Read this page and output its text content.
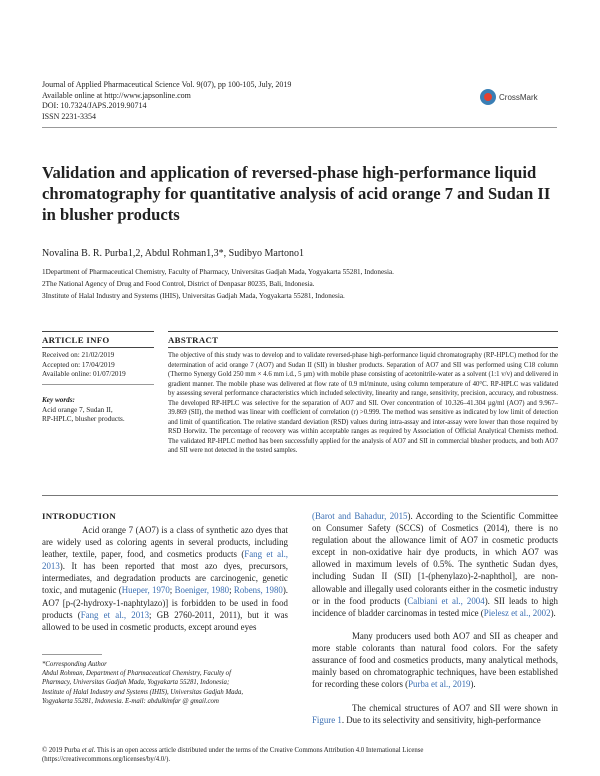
Journal of Applied Pharmaceutical Science Vol. 9(07), pp 100-105, July, 2019
Available online at http://www.japsonline.com
DOI: 10.7324/JAPS.2019.90714
ISSN 2231-3354
CrossMark
Validation and application of reversed-phase high-performance liquid chromatography for quantitative analysis of acid orange 7 and Sudan II in blusher products
Novalina B. R. Purba1,2, Abdul Rohman1,3*, Sudibyo Martono1
1Department of Pharmaceutical Chemistry, Faculty of Pharmacy, Universitas Gadjah Mada, Yogyakarta 55281, Indonesia.
2The National Agency of Drug and Food Control, District of Denpasar 80235, Bali, Indonesia.
3Institute of Halal Industry and Systems (IHIS), Universitas Gadjah Mada, Yogyakarta 55281, Indonesia.
ARTICLE INFO
Received on: 21/02/2019
Accepted on: 17/04/2019
Available online: 01/07/2019
Key words:
Acid orange 7, Sudan II,
RP-HPLC, blusher products.
ABSTRACT
The objective of this study was to develop and to validate reversed-phase high-performance liquid chromatography (RP-HPLC) method for the determination of acid orange 7 (AO7) and Sudan II (SII) in blusher products. Separation of AO7 and SII was performed using C18 column (Thermo Synergy Gold 250 mm × 4.6 mm i.d., 5 µm) with mobile phase consisting of acetonitrile-water as a solvent (1:1 v/v) and delivered in gradient manner. The mobile phase was delivered at flow rate of 0.9 ml/minute, using column temperature of 40°C. RP-HPLC was validated by assessing several performance characteristics which included selectivity, linearity and range, sensitivity, precision, accuracy, and robustness. The developed RP-HPLC was selective for the separation of AO7 and SII. Over concentration of 10.326–41.304 µg/ml (AO7) and 9.967–39.869 (SII), the method was linear with coefficient of correlation (r) >0.999. The method was sensitive as indicated by low limit of detection and limit of quantification. The relative standard deviation (RSD) values during intra-assay and inter-assay were lower than those required by RSD Horwitz. The percentage of recovery was within acceptable ranges as required by Association of Official Analytical Chemists method. The validated RP-HPLC method has been successfully applied for the analysis of AO7 and SII in commercial blusher products, and both AO7 and SII were not detected in the tested samples.
INTRODUCTION
Acid orange 7 (AO7) is a class of synthetic azo dyes that are widely used as coloring agents in several products, including leather, textile, paper, food, and cosmetics products (Fang et al., 2013). It has been reported that most azo dyes, precursors, intermediates, and degradation products are carcinogenic, genetic toxic, and mutagenic (Hueper, 1970; Boeniger, 1980; Robens, 1980). AO7 [p-(2-hydroxy-1-naphtylazo)] is forbidden to be used in food products (Fang et al., 2013; GB 2760-2011, 2011), but it was allowed to be used in cosmetic products, except around eyes
(Barot and Bahadur, 2015). According to the Scientific Committee on Consumer Safety (SCCS) of Cosmetics (2014), there is no regulation about the allowance limit of AO7 in cosmetic products except in non-oxidative hair dye products, in which AO7 was allowed in maximum levels of 0.5%. The synthetic Sudan dyes, including Sudan II (SII) [1-(phenylazo)-2-naphthol], are non-allowable and illegally used colorants either in the cosmetic industry or in the food products (Calbiani et al., 2004). SII leads to high incidence of bladder carcinomas in tested mice (Pielesz et al., 2002).
Many producers used both AO7 and SII as cheaper and more stable colorants than natural food colors. For the safety assurance of food and cosmetics products, many analytical methods, mainly based on chromatographic techniques, have been established for recording these colors (Purba et al., 2019).
The chemical structures of AO7 and SII were shown in Figure 1. Due to its selectivity and sensitivity, high-performance
*Corresponding Author
Abdul Rohman, Department of Pharmaceutical Chemistry, Faculty of
Pharmacy, Universitas Gadjah Mada, Yogyakarta 55281, Indonesia;
Institute of Halal Industry and Systems (IHIS), Universitas Gadjah Mada,
Yogyakarta 55281, Indonesia. E-mail: abdulkimfar @ gmail.com
© 2019 Purba et al. This is an open access article distributed under the terms of the Creative Commons Attribution 4.0 International License
(https://creativecommons.org/licenses/by/4.0/).
